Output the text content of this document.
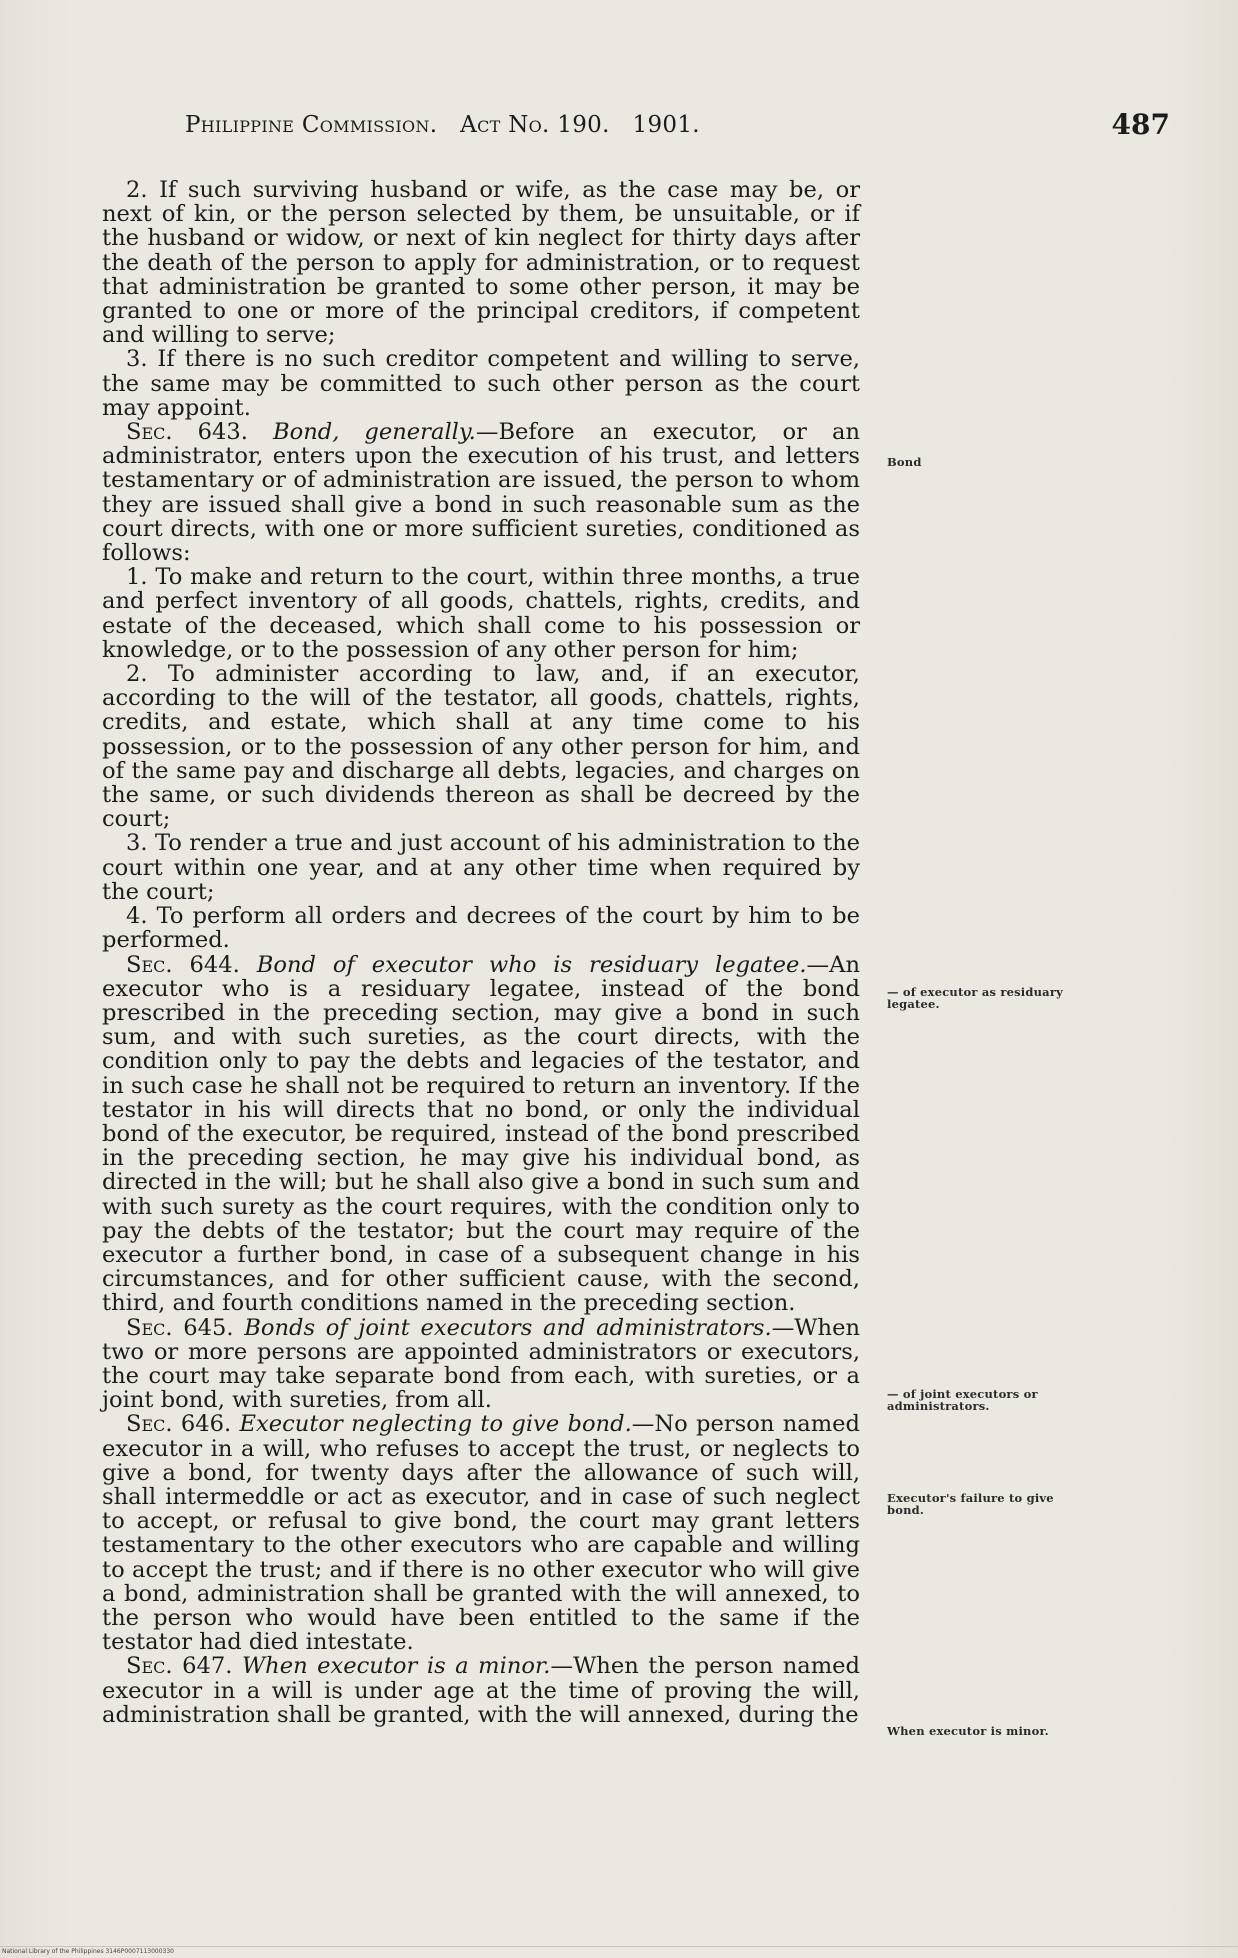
Philippine Commission. Act No. 190. 1901.	487

2. If such surviving husband or wife, as the case may be, or next of kin, or the person selected by them, be unsuitable, or if the husband or widow, or next of kin neglect for thirty days after the death of the person to apply for administration, or to request that administration be granted to some other person, it may be granted to one or more of the principal creditors, if competent and willing to serve;

3. If there is no such creditor competent and willing to serve, the same may be committed to such other person as the court may appoint.

Sec. 643. Bond, generally.—Before an executor, or an administrator, enters upon the execution of his trust, and letters testamentary or of administration are issued, the person to whom they are issued shall give a bond in such reasonable sum as the court directs, with one or more sufficient sureties, conditioned as follows:

1. To make and return to the court, within three months, a true and perfect inventory of all goods, chattels, rights, credits, and estate of the deceased, which shall come to his possession or knowledge, or to the possession of any other person for him;

2. To administer according to law, and, if an executor, according to the will of the testator, all goods, chattels, rights, credits, and estate, which shall at any time come to his possession, or to the possession of any other person for him, and of the same pay and discharge all debts, legacies, and charges on the same, or such dividends thereon as shall be decreed by the court;

3. To render a true and just account of his administration to the court within one year, and at any other time when required by the court;

4. To perform all orders and decrees of the court by him to be performed.

Sec. 644. Bond of executor who is residuary legatee.—An executor who is a residuary legatee, instead of the bond prescribed in the preceding section, may give a bond in such sum, and with such sureties, as the court directs, with the condition only to pay the debts and legacies of the testator, and in such case he shall not be required to return an inventory. If the testator in his will directs that no bond, or only the individual bond of the executor, be required, instead of the bond prescribed in the preceding section, he may give his individual bond, as directed in the will; but he shall also give a bond in such sum and with such surety as the court requires, with the condition only to pay the debts of the testator; but the court may require of the executor a further bond, in case of a subsequent change in his circumstances, and for other sufficient cause, with the second, third, and fourth conditions named in the preceding section.

Sec. 645. Bonds of joint executors and administrators.—When two or more persons are appointed administrators or executors, the court may take separate bond from each, with sureties, or a joint bond, with sureties, from all.

Sec. 646. Executor neglecting to give bond.—No person named executor in a will, who refuses to accept the trust, or neglects to give a bond, for twenty days after the allowance of such will, shall intermeddle or act as executor, and in case of such neglect to accept, or refusal to give bond, the court may grant letters testamentary to the other executors who are capable and willing to accept the trust; and if there is no other executor who will give a bond, administration shall be granted with the will annexed, to the person who would have been entitled to the same if the testator had died intestate.

Sec. 647. When executor is a minor.—When the person named executor in a will is under age at the time of proving the will, administration shall be granted, with the will annexed, during the

Bond
— of executor as residuary legatee.
— of joint executors or administrators.
Executor's failure to give bond.
When executor is minor.
National Library of the Philippines 3146P0007113000330
